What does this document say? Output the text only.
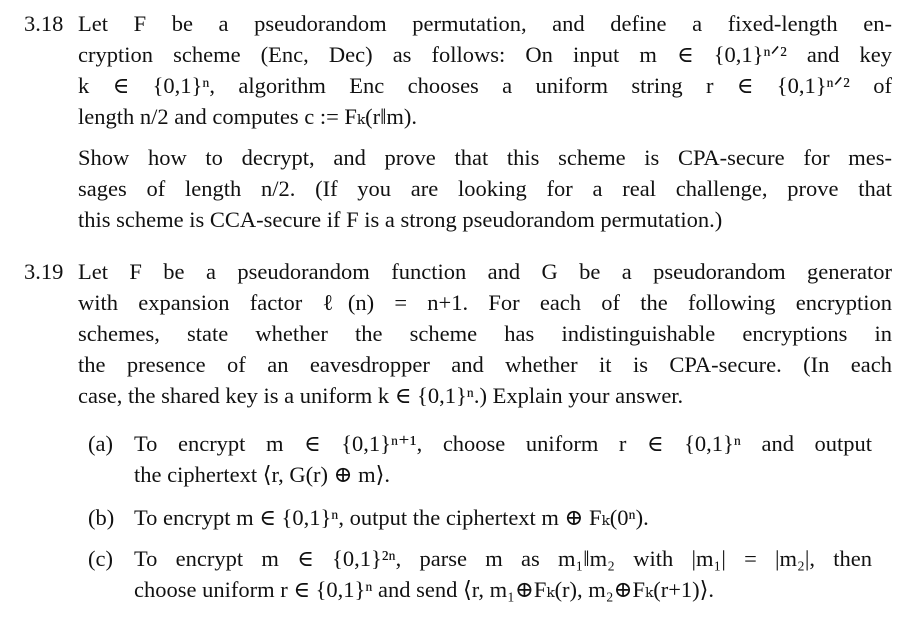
3.18 Let F be a pseudorandom permutation, and define a fixed-length en-
cryption scheme (Enc, Dec) as follows: On input m ∈ {0,1}ⁿᐟ² and key
k ∈ {0,1}ⁿ, algorithm Enc chooses a uniform string r ∈ {0,1}ⁿᐟ² of
length n/2 and computes c := Fₖ(r‖m).
Show how to decrypt, and prove that this scheme is CPA-secure for mes-
sages of length n/2. (If you are looking for a real challenge, prove that
this scheme is CCA-secure if F is a strong pseudorandom permutation.)
3.19 Let F be a pseudorandom function and G be a pseudorandom generator
with expansion factor ℓ(n) = n+1. For each of the following encryption
schemes, state whether the scheme has indistinguishable encryptions in
the presence of an eavesdropper and whether it is CPA-secure. (In each
case, the shared key is a uniform k ∈ {0,1}ⁿ.) Explain your answer.
(a) To encrypt m ∈ {0,1}ⁿ⁺¹, choose uniform r ∈ {0,1}ⁿ and output
the ciphertext ⟨r, G(r) ⊕ m⟩.
(b) To encrypt m ∈ {0,1}ⁿ, output the ciphertext m ⊕ Fₖ(0ⁿ).
(c) To encrypt m ∈ {0,1}²ⁿ, parse m as m₁‖m₂ with |m₁| = |m₂|, then
choose uniform r ∈ {0,1}ⁿ and send ⟨r, m₁⊕Fₖ(r), m₂⊕Fₖ(r+1)⟩.
